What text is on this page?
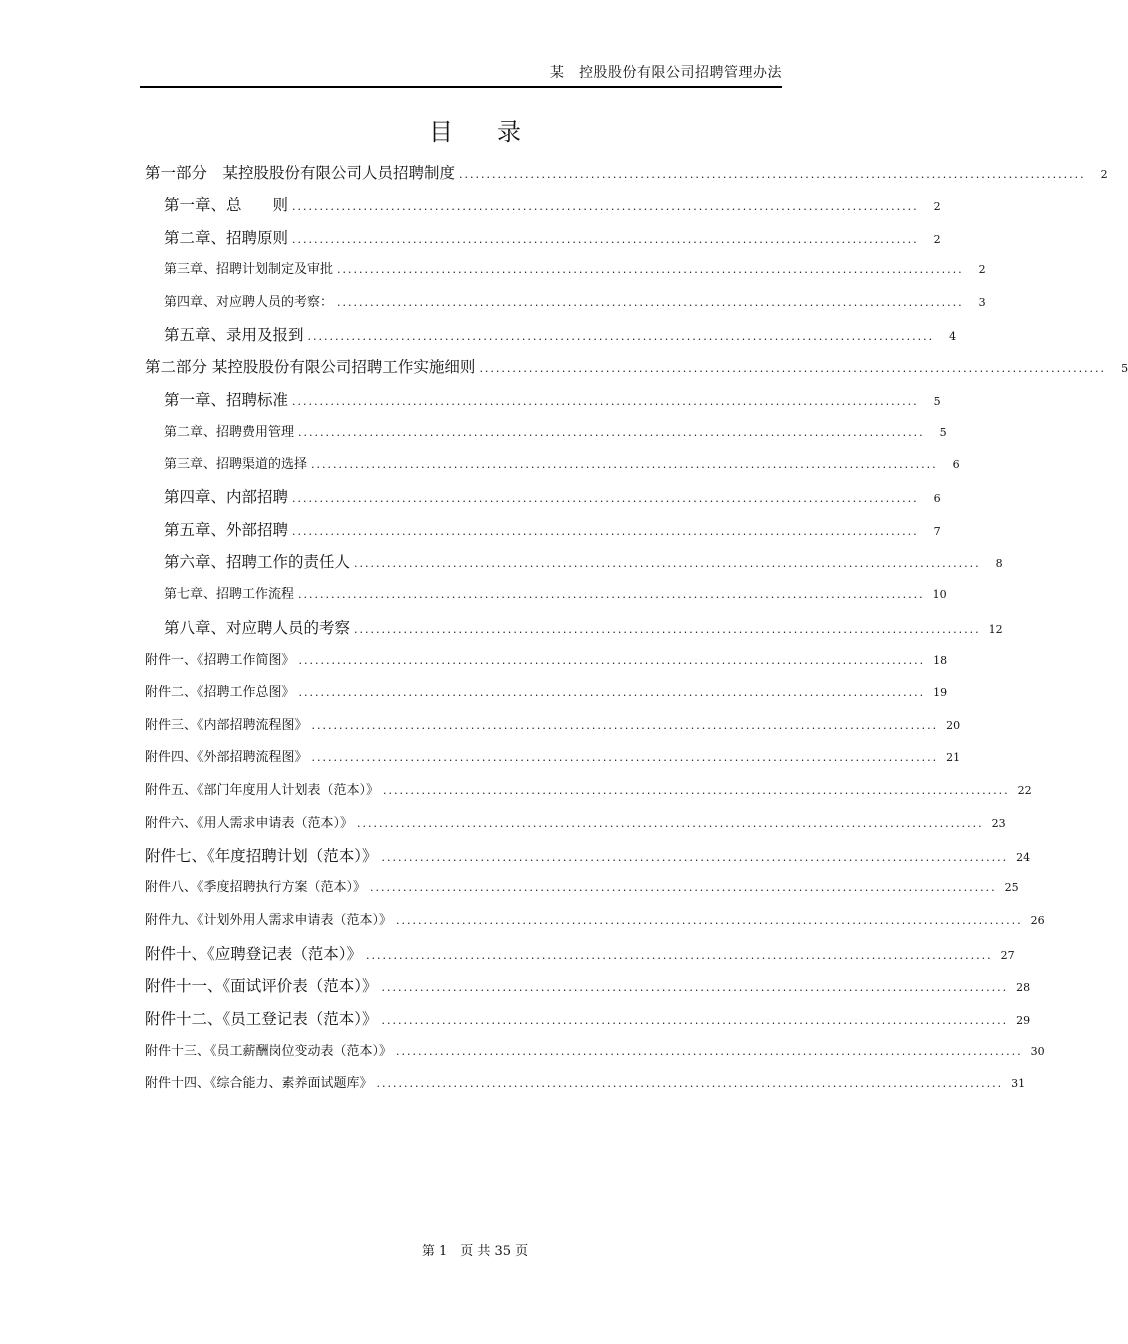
某　控股股份有限公司招聘管理办法
目录
第一部分　某控股股份有限公司人员招聘制度 ..................................................................................................................	2
第一章、总　　则 ..................................................................................................................	2
第二章、招聘原则 ..................................................................................................................	2
第三章、招聘计划制定及审批 ..................................................................................................................	2
第四章、对应聘人员的考察： ..................................................................................................................	3
第五章、录用及报到 ..................................................................................................................	4
第二部分 某控股股份有限公司招聘工作实施细则 ..................................................................................................................	5
第一章、招聘标准 ..................................................................................................................	5
第二章、招聘费用管理 ..................................................................................................................	5
第三章、招聘渠道的选择 ..................................................................................................................	6
第四章、内部招聘 ..................................................................................................................	6
第五章、外部招聘 ..................................................................................................................	7
第六章、招聘工作的责任人 ..................................................................................................................	8
第七章、招聘工作流程 .................................................................................................................. 10
第八章、对应聘人员的考察 .................................................................................................................. 12
附件一、《招聘工作简图》 .................................................................................................................. 18
附件二、《招聘工作总图》 .................................................................................................................. 19
附件三、《内部招聘流程图》 .................................................................................................................. 20
附件四、《外部招聘流程图》 .................................................................................................................. 21
附件五、《部门年度用人计划表（范本）》 .................................................................................................................. 22
附件六、《用人需求申请表（范本）》 .................................................................................................................. 23
附件七、《年度招聘计划（范本）》 .................................................................................................................. 24
附件八、《季度招聘执行方案（范本）》 .................................................................................................................. 25
附件九、《计划外用人需求申请表（范本）》 .................................................................................................................. 26
附件十、《应聘登记表（范本）》 .................................................................................................................. 27
附件十一、《面试评价表（范本）》 .................................................................................................................. 28
附件十二、《员工登记表（范本）》 .................................................................................................................. 29
附件十三、《员工薪酬岗位变动表（范本）》 .................................................................................................................. 30
附件十四、《综合能力、素养面试题库》 .................................................................................................................. 31
第 1　页 共 35 页
